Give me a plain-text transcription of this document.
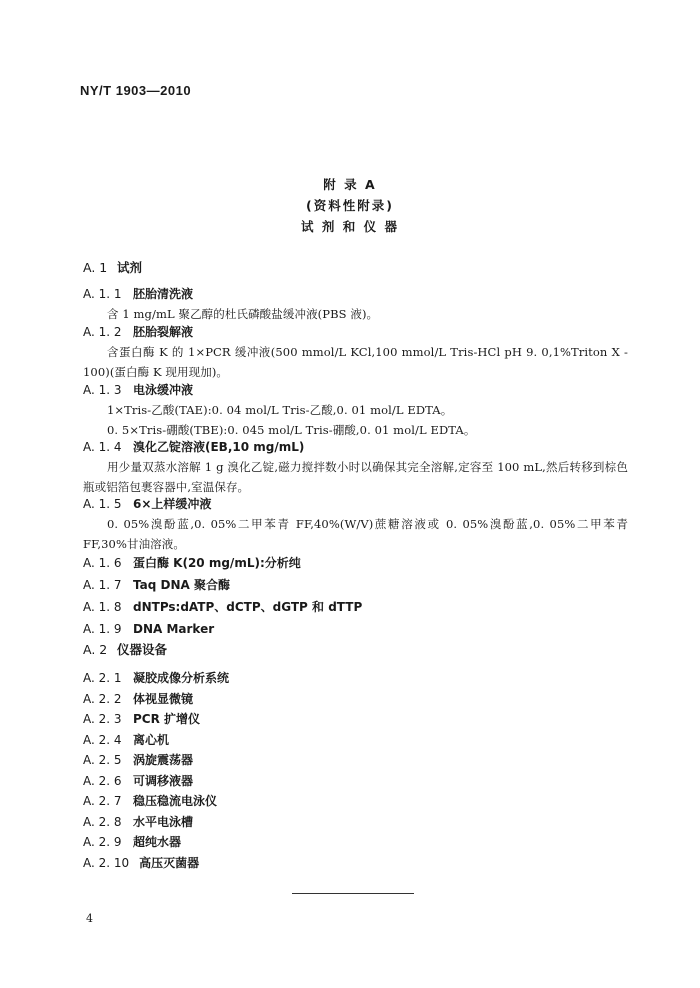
NY/T 1903—2010
附 录 A
(资料性附录)
试 剂 和 仪 器
A. 1 试剂
A. 1. 1 胚胎清洗液
含 1 mg/mL 聚乙醇的杜氏磷酸盐缓冲液(PBS 液)。
A. 1. 2 胚胎裂解液
含蛋白酶 K 的 1×PCR 缓冲液(500 mmol/L KCl,100 mmol/L Tris-HCl pH 9. 0,1%Triton X - 100)(蛋白酶 K 现用现加)。
A. 1. 3 电泳缓冲液
1×Tris-乙酸(TAE):0. 04 mol/L Tris-乙酸,0. 01 mol/L EDTA。
0. 5×Tris-硼酸(TBE):0. 045 mol/L Tris-硼酸,0. 01 mol/L EDTA。
A. 1. 4 溴化乙锭溶液(EB,10 mg/mL)
用少量双蒸水溶解 1 g 溴化乙锭,磁力搅拌数小时以确保其完全溶解,定容至 100 mL,然后转移到棕色瓶或铝箔包裹容器中,室温保存。
A. 1. 5 6×上样缓冲液
0. 05%溴酚蓝,0. 05%二甲苯青 FF,40%(W/V)蔗糖溶液或 0. 05%溴酚蓝,0. 05%二甲苯青 FF,30%甘油溶液。
A. 1. 6 蛋白酶 K(20 mg/mL):分析纯
A. 1. 7 Taq DNA 聚合酶
A. 1. 8 dNTPs:dATP、dCTP、dGTP 和 dTTP
A. 1. 9 DNA Marker
A. 2 仪器设备
A. 2. 1 凝胶成像分析系统
A. 2. 2 体视显微镜
A. 2. 3 PCR 扩增仪
A. 2. 4 离心机
A. 2. 5 涡旋震荡器
A. 2. 6 可调移液器
A. 2. 7 稳压稳流电泳仪
A. 2. 8 水平电泳槽
A. 2. 9 超纯水器
A. 2. 10 高压灭菌器
4
